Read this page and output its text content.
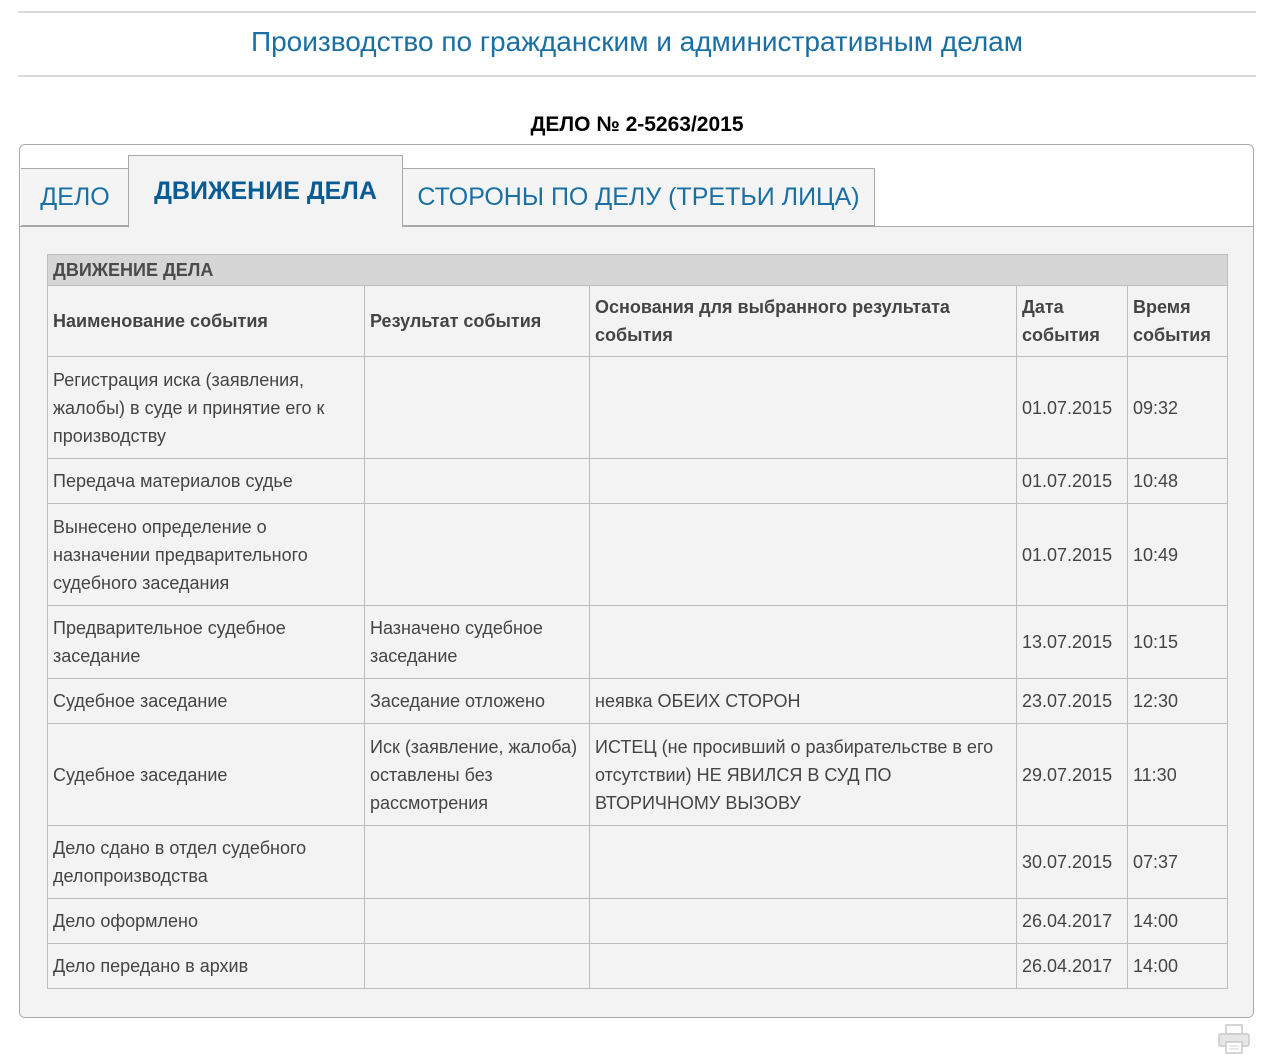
Производство по гражданским и административным делам
ДЕЛО № 2-5263/2015
ДЕЛО	ДВИЖЕНИЕ ДЕЛА	СТОРОНЫ ПО ДЕЛУ (ТРЕТЬИ ЛИЦА)
ДВИЖЕНИЕ ДЕЛА				
Наименование события	Результат события	Основания для выбранного результата события	Дата события	Время события
Регистрация иска (заявления, жалобы) в суде и принятие его к производству			01.07.2015	09:32
Передача материалов судье			01.07.2015	10:48
Вынесено определение о назначении предварительного судебного заседания			01.07.2015	10:49
Предварительное судебное заседание	Назначено судебное заседание		13.07.2015	10:15
Судебное заседание	Заседание отложено	неявка ОБЕИХ СТОРОН	23.07.2015	12:30
Судебное заседание	Иск (заявление, жалоба) оставлены без рассмотрения	ИСТЕЦ (не просивший о разбирательстве в его отсутствии) НЕ ЯВИЛСЯ В СУД ПО ВТОРИЧНОМУ ВЫЗОВУ	29.07.2015	11:30
Дело сдано в отдел судебного делопроизводства			30.07.2015	07:37
Дело оформлено			26.04.2017	14:00
Дело передано в архив			26.04.2017	14:00
